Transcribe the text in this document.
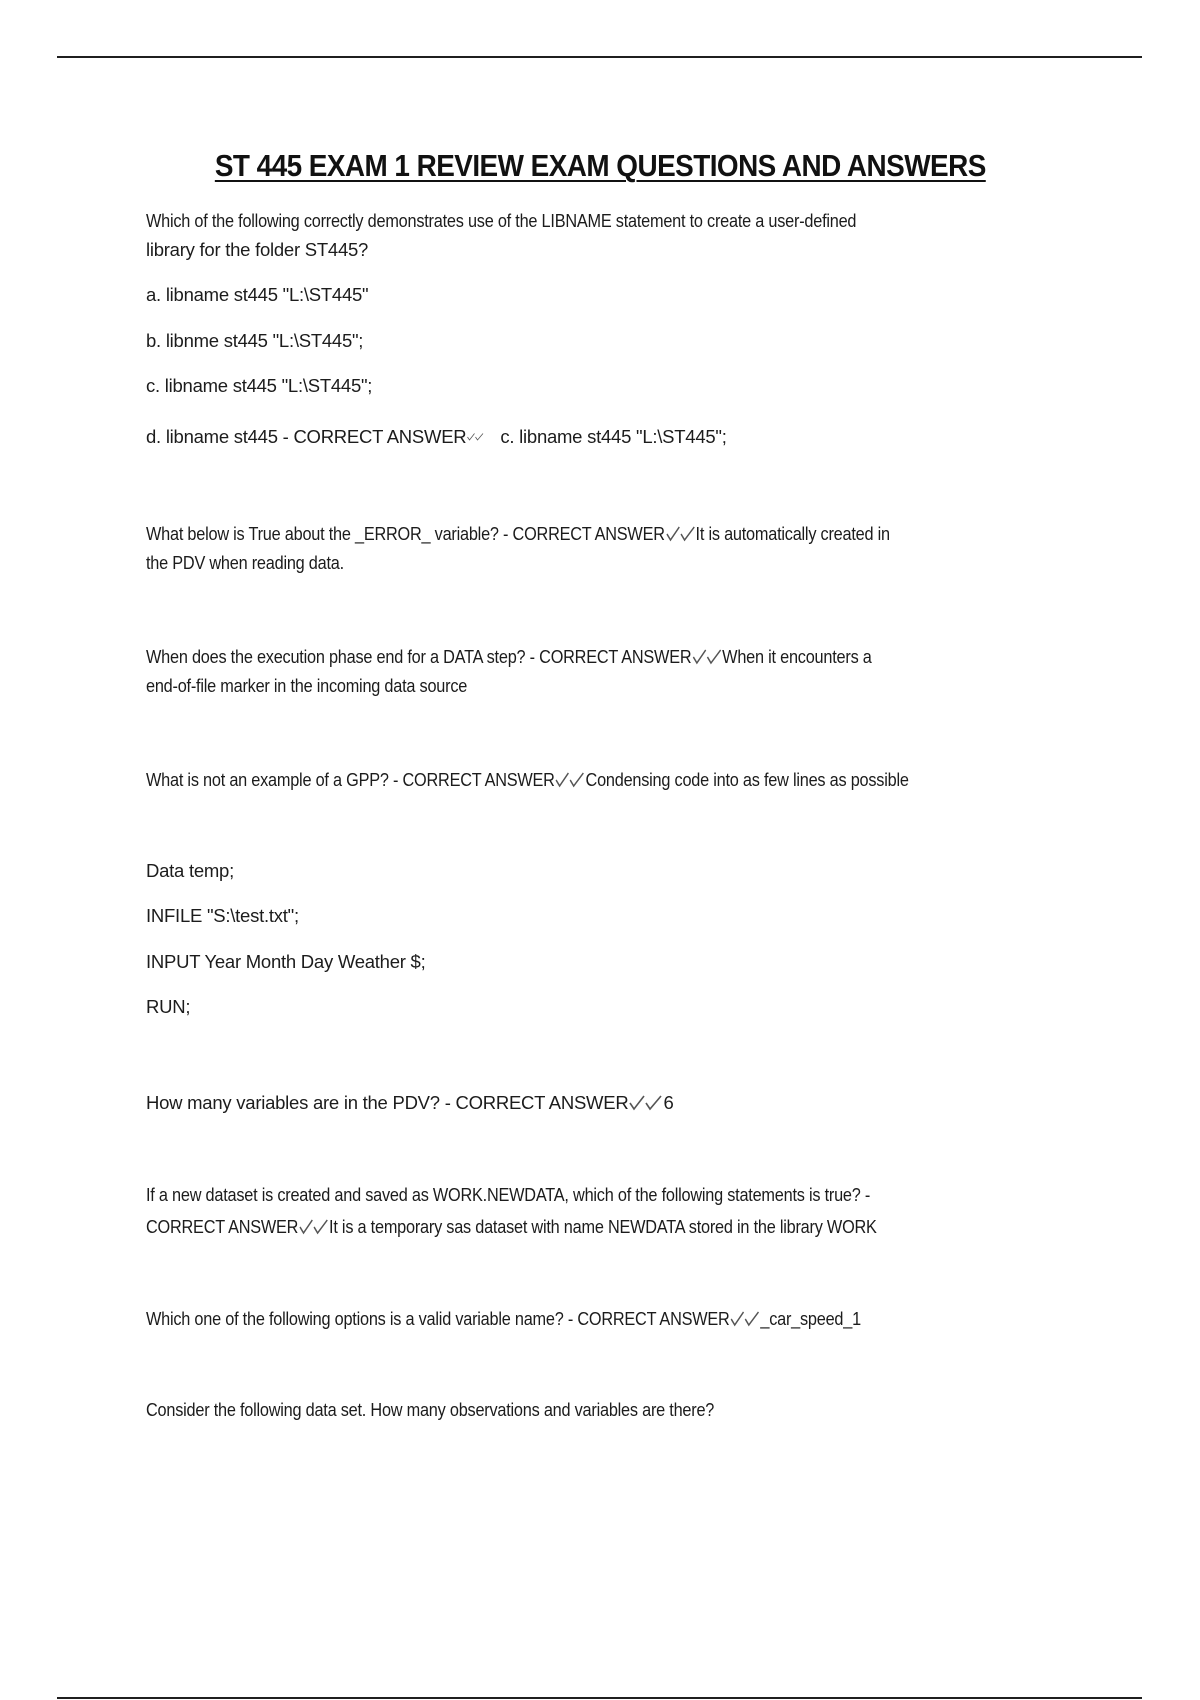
ST 445 EXAM 1 REVIEW EXAM QUESTIONS AND ANSWERS
Which of the following correctly demonstrates use of the LIBNAME statement to create a user-defined
library for the folder ST445?
a. libname st445 "L:\ST445"
b. libnme st445 "L:\ST445";
c. libname st445 "L:\ST445";
d. libname st445 - CORRECT ANSWER c. libname st445 "L:\ST445";
What below is True about the _ERROR_ variable? - CORRECT ANSWER It is automatically created in
the PDV when reading data.
When does the execution phase end for a DATA step? - CORRECT ANSWER When it encounters a
end-of-file marker in the incoming data source
What is not an example of a GPP? - CORRECT ANSWER Condensing code into as few lines as possible
Data temp;
INFILE "S:\test.txt";
INPUT Year Month Day Weather $;
RUN;
How many variables are in the PDV? - CORRECT ANSWER 6
If a new dataset is created and saved as WORK.NEWDATA, which of the following statements is true? -
CORRECT ANSWER It is a temporary sas dataset with name NEWDATA stored in the library WORK
Which one of the following options is a valid variable name? - CORRECT ANSWER _car_speed_1
Consider the following data set. How many observations and variables are there?
